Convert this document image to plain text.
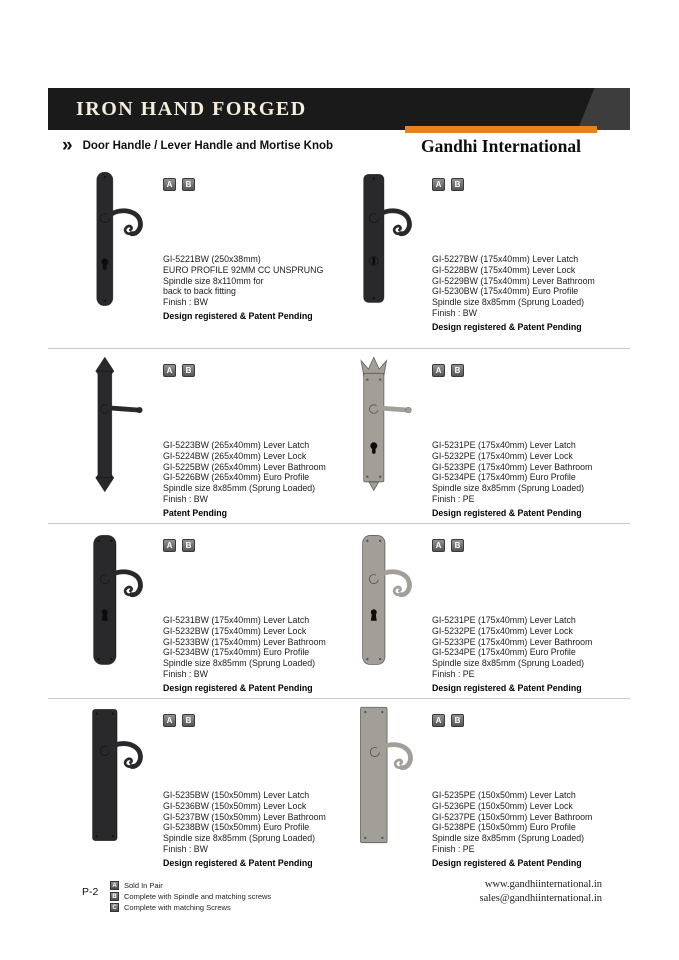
IRON HAND FORGED
» Door Handle / Lever Handle and Mortise Knob	Gandhi International
A	B
GI-5221BW (250x38mm)
EURO PROFILE 92MM CC UNSPRUNG
Spindle size 8x110mm for
back to back fitting
Finish : BW
Design registered & Patent Pending
A	B
GI-5227BW (175x40mm) Lever Latch
GI-5228BW (175x40mm) Lever Lock
GI-5229BW (175x40mm) Lever Bathroom
GI-5230BW (175x40mm) Euro Profile
Spindle size 8x85mm (Sprung Loaded)
Finish : BW
Design registered & Patent Pending
A	B
GI-5223BW (265x40mm) Lever Latch
GI-5224BW (265x40mm) Lever Lock
GI-5225BW (265x40mm) Lever Bathroom
GI-5226BW (265x40mm) Euro Profile
Spindle size 8x85mm (Sprung Loaded)
Finish : BW
Patent Pending
A	B
GI-5231PE (175x40mm) Lever Latch
GI-5232PE (175x40mm) Lever Lock
GI-5233PE (175x40mm) Lever Bathroom
GI-5234PE (175x40mm) Euro Profile
Spindle size 8x85mm (Sprung Loaded)
Finish : PE
Design registered & Patent Pending
A	B
GI-5231BW (175x40mm) Lever Latch
GI-5232BW (175x40mm) Lever Lock
GI-5233BW (175x40mm) Lever Bathroom
GI-5234BW (175x40mm) Euro Profile
Spindle size 8x85mm (Sprung Loaded)
Finish : BW
Design registered & Patent Pending
A	B
GI-5231PE (175x40mm) Lever Latch
GI-5232PE (175x40mm) Lever Lock
GI-5233PE (175x40mm) Lever Bathroom
GI-5234PE (175x40mm) Euro Profile
Spindle size 8x85mm (Sprung Loaded)
Finish : PE
Design registered & Patent Pending
A	B
GI-5235BW (150x50mm) Lever Latch
GI-5236BW (150x50mm) Lever Lock
GI-5237BW (150x50mm) Lever Bathroom
GI-5238BW (150x50mm) Euro Profile
Spindle size 8x85mm (Sprung Loaded)
Finish : BW
Design registered & Patent Pending
A	B
GI-5235PE (150x50mm) Lever Latch
GI-5236PE (150x50mm) Lever Lock
GI-5237PE (150x50mm) Lever Bathroom
GI-5238PE (150x50mm) Euro Profile
Spindle size 8x85mm (Sprung Loaded)
Finish : PE
Design registered & Patent Pending
P-2
A Sold In Pair
B Complete with Spindle and matching screws
C Complete with matching Screws
www.gandhiinternational.in
sales@gandhiinternational.in
